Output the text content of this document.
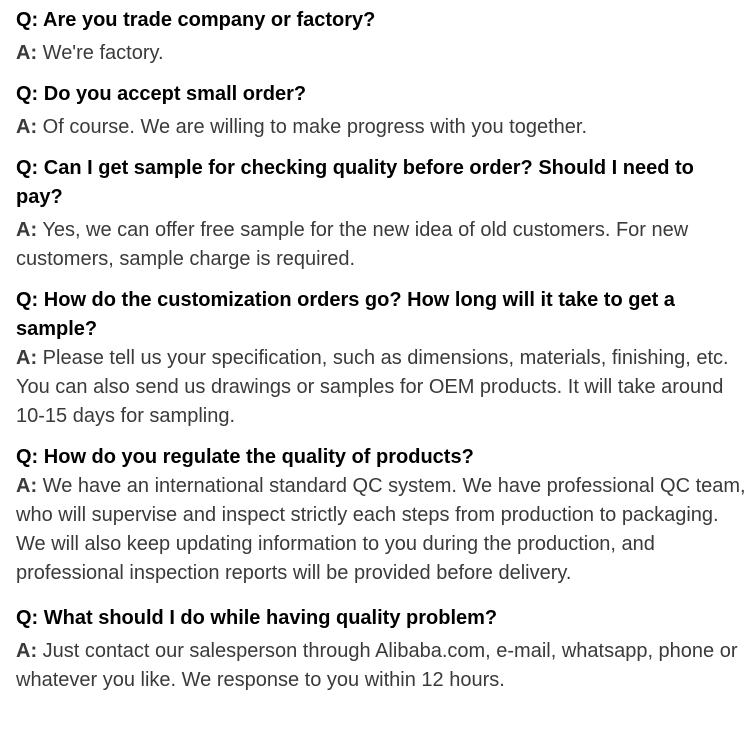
Q: Are you trade company or factory?

A: We're factory.

Q: Do you accept small order?

A: Of course. We are willing to make progress with you together.

Q: Can I get sample for checking quality before order? Should I need to pay?

A: Yes, we can offer free sample for the new idea of old customers. For new customers, sample charge is required.

Q: How do the customization orders go? How long will it take to get a sample?

A: Please tell us your specification, such as dimensions, materials, finishing, etc. You can also send us drawings or samples for OEM products. It will take around 10-15 days for sampling.

Q: How do you regulate the quality of products?

A: We have an international standard QC system. We have professional QC team, who will supervise and inspect strictly each steps from production to packaging. We will also keep updating information to you during the production, and professional inspection reports will be provided before delivery.

Q: What should I do while having quality problem?

A: Just contact our salesperson through Alibaba.com, e-mail, whatsapp, phone or whatever you like. We response to you within 12 hours.
